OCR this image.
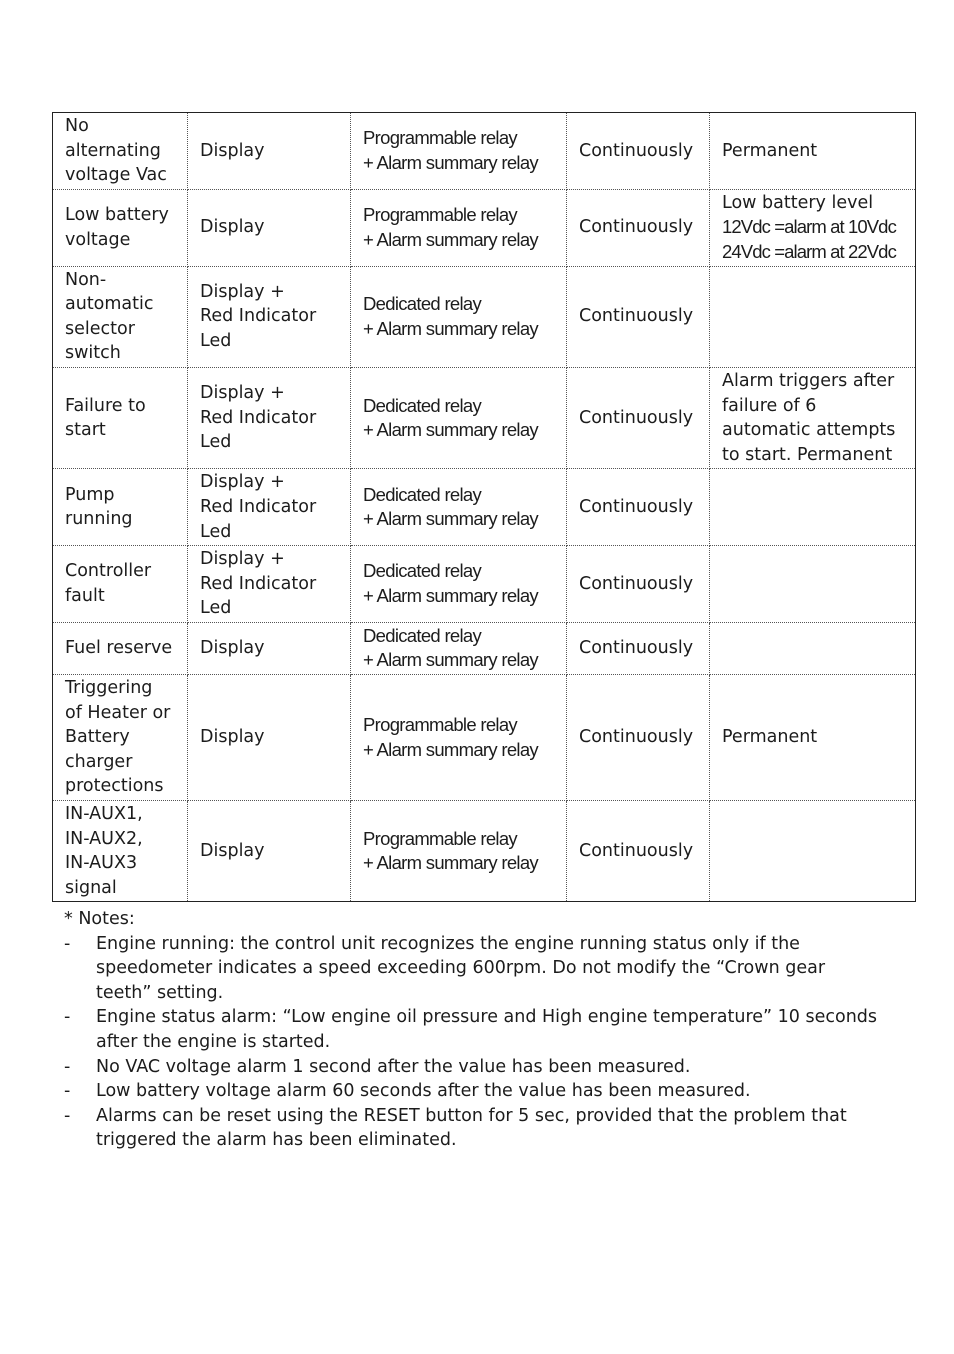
No
alternating
voltage Vac	Display	Programmable relay
+ Alarm summary relay	Continuously	Permanent

Low battery
voltage	Display	Programmable relay
+ Alarm summary relay	Continuously	Low battery level
12Vdc =alarm at 10Vdc
24Vdc =alarm at 22Vdc

Non-
automatic
selector
switch	Display +
Red Indicator
Led	Dedicated relay
+ Alarm summary relay	Continuously	

Failure to
start	Display +
Red Indicator
Led	Dedicated relay
+ Alarm summary relay	Continuously	Alarm triggers after
failure of 6
automatic attempts
to start. Permanent

Pump
running	Display +
Red Indicator
Led	Dedicated relay
+ Alarm summary relay	Continuously	

Controller
fault	Display +
Red Indicator
Led	Dedicated relay
+ Alarm summary relay	Continuously	

Fuel reserve	Display	Dedicated relay
+ Alarm summary relay	Continuously	

Triggering
of Heater or
Battery
charger
protections	Display	Programmable relay
+ Alarm summary relay	Continuously	Permanent

IN-AUX1,
IN-AUX2,
IN-AUX3
signal	Display	Programmable relay
+ Alarm summary relay	Continuously	
* Notes:
- Engine running: the control unit recognizes the engine running status only if the speedometer indicates a speed exceeding 600rpm. Do not modify the “Crown gear teeth” setting.
- Engine status alarm: “Low engine oil pressure and High engine temperature” 10 seconds after the engine is started.
- No VAC voltage alarm 1 second after the value has been measured.
- Low battery voltage alarm 60 seconds after the value has been measured.
- Alarms can be reset using the RESET button for 5 sec, provided that the problem that triggered the alarm has been eliminated.
